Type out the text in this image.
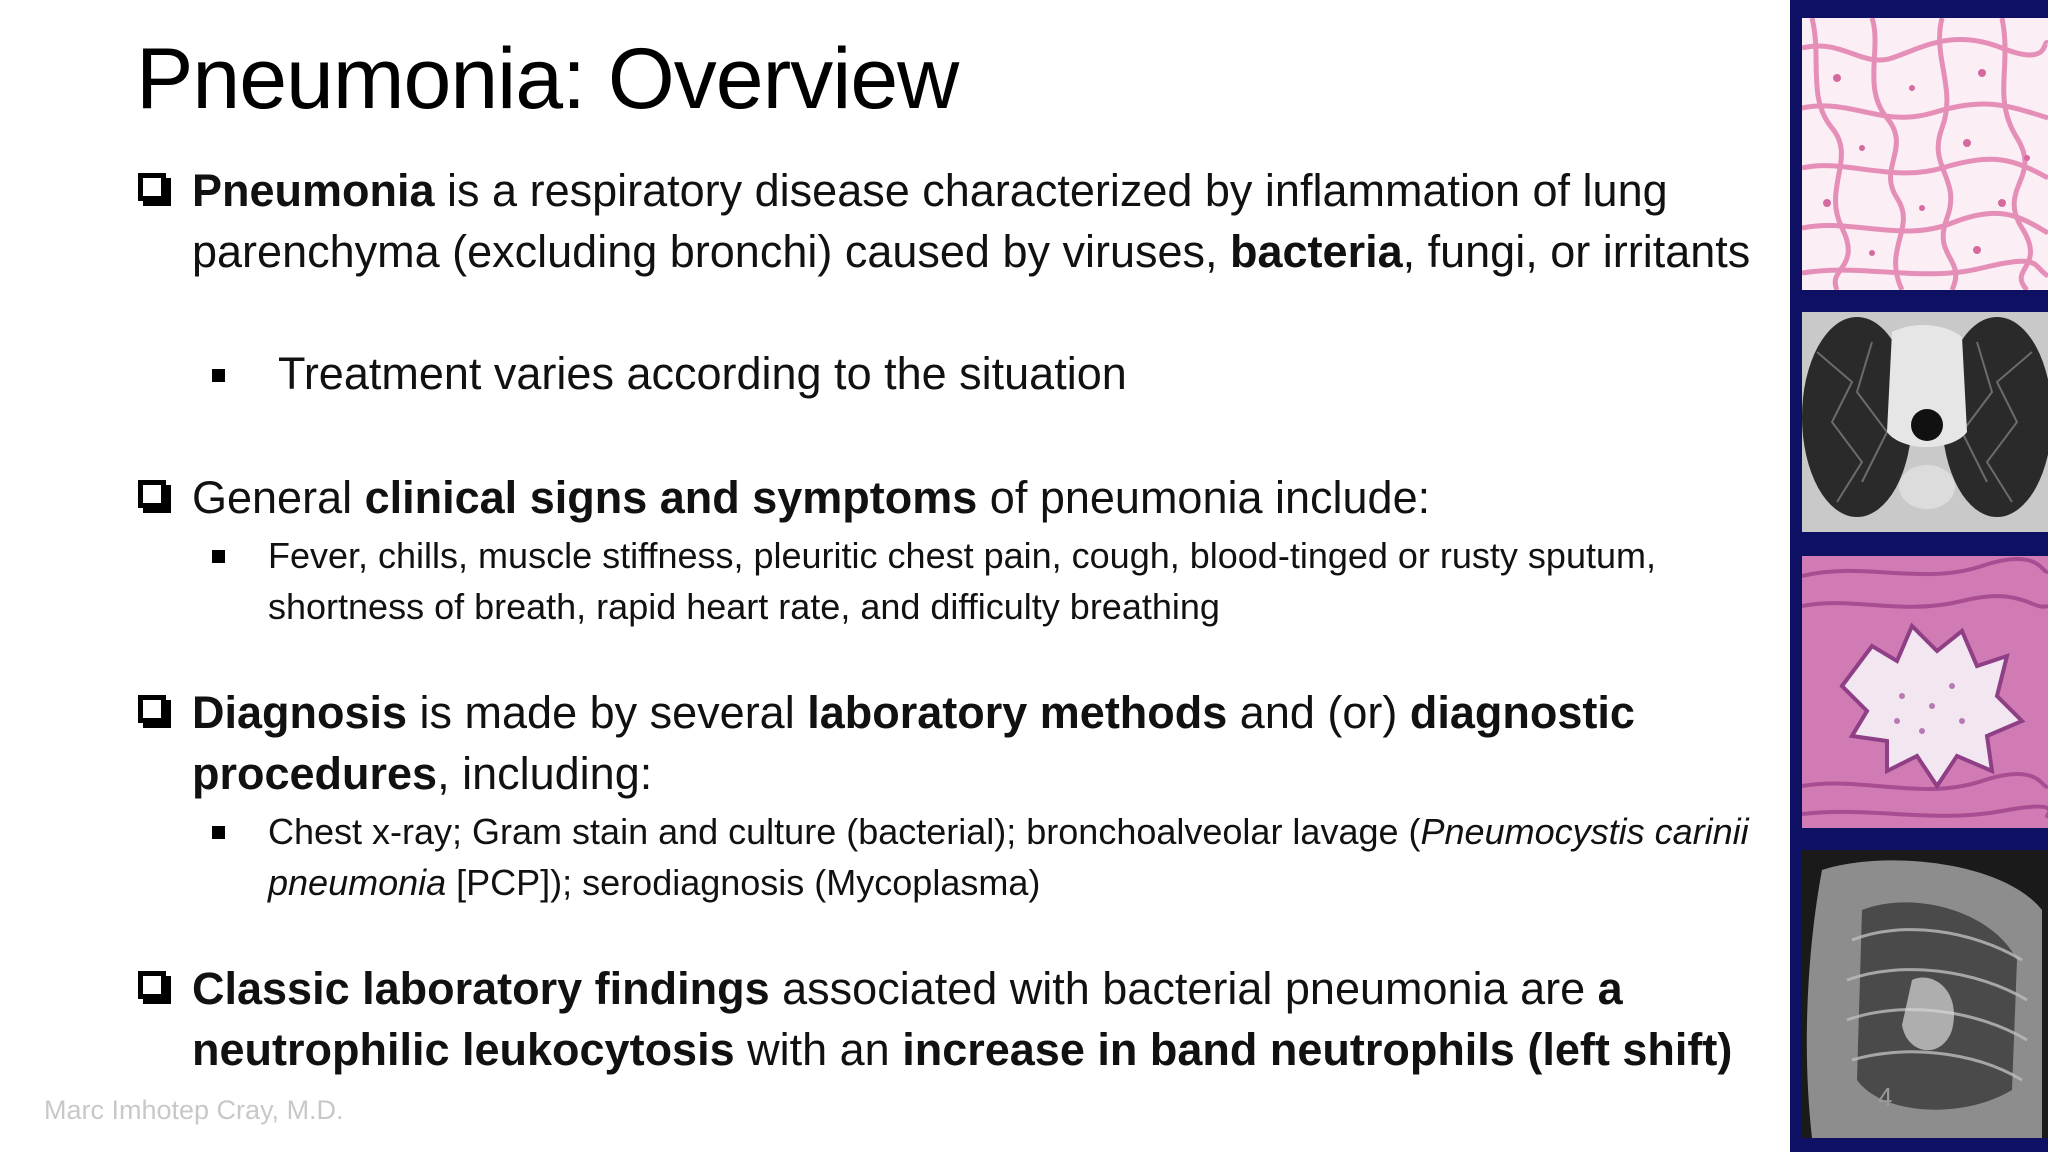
Pneumonia: Overview
Pneumonia is a respiratory disease characterized by inflammation of lung parenchyma (excluding bronchi) caused by viruses, bacteria, fungi, or irritants
Treatment varies according to the situation
General clinical signs and symptoms of pneumonia include:
Fever, chills, muscle stiffness, pleuritic chest pain, cough, blood-tinged or rusty sputum, shortness of breath, rapid heart rate, and difficulty breathing
Diagnosis is made by several laboratory methods and (or) diagnostic procedures, including:
Chest x-ray; Gram stain and culture (bacterial); bronchoalveolar lavage (Pneumocystis carinii pneumonia [PCP]); serodiagnosis (Mycoplasma)
Classic laboratory findings associated with bacterial pneumonia are a neutrophilic leukocytosis with an increase in band neutrophils (left shift)
Marc Imhotep Cray, M.D.	4
